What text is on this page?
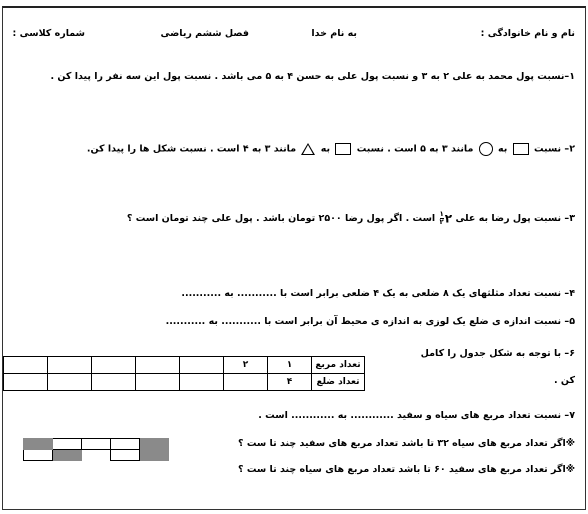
نام و نام خانوادگی :
به نام خدا
فصل ششم ریاضی
شماره کلاسی :
۱–نسبت پول محمد به علی ۲ به ۳ و نسبت پول علی به حسن ۴ به ۵ می باشد . نسبت پول این سه نفر را پیدا کن .
۲– نسبت  به  مانند ۳ به ۵ است . نسبت  به  مانند ۳ به ۴ است . نسبت شکل ها را پیدا کن.
۳– نسبت پول رضا به علی ۲
$\frac{۱}{۲}$
است . اگر پول رضا ۲۵۰۰ تومان باشد . پول علی چند تومان است ؟
۴– نسبت تعداد مثلثهای یک ۸ ضلعی به یک ۴ ضلعی برابر است با ........... به ...........
۵– نسبت اندازه ی ضلع یک لوزی به اندازه ی محیط آن برابر است با ........... به ...........
۶– با توجه به شکل جدول را کامل
کن .
					۲	۱	تعداد مربع
						۴	تعداد ضلع
۷– نسبت تعداد مربع های سیاه و سفید ............ به ............ است .
※اگر تعداد مربع های سیاه ۳۲ تا باشد تعداد مربع های سفید چند تا ست ؟
※اگر تعداد مربع های سفید ۶۰ تا باشد تعداد مربع های سیاه چند تا ست ؟
